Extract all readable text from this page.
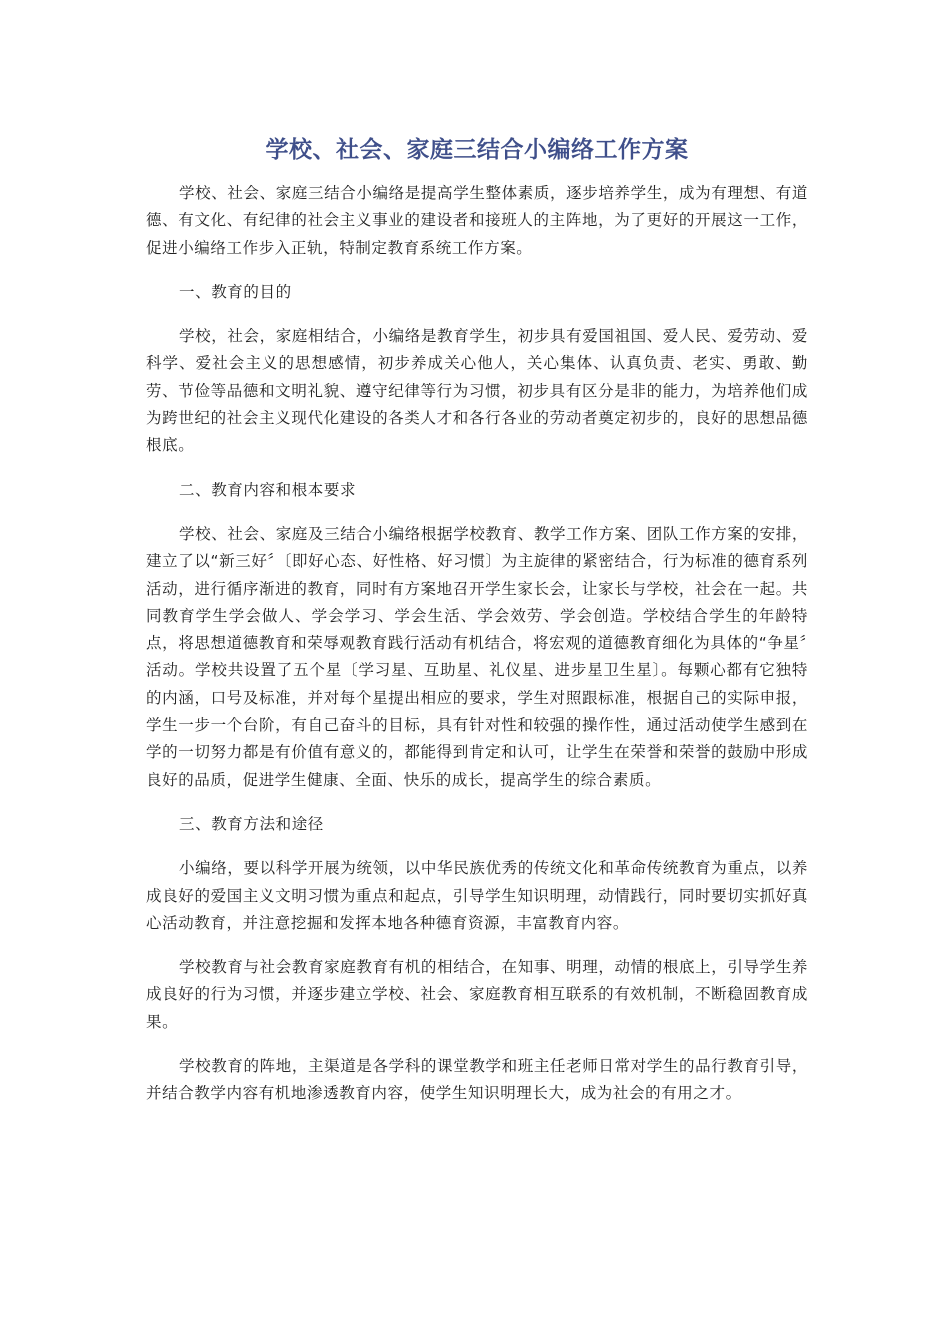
学校、社会、家庭三结合小编络工作方案

学校、社会、家庭三结合小编络是提高学生整体素质，逐步培养学生，成为有理想、有道德、有文化、有纪律的社会主义事业的建设者和接班人的主阵地，为了更好的开展这一工作，促进小编络工作步入正轨，特制定教育系统工作方案。

一、教育的目的

学校，社会，家庭相结合，小编络是教育学生，初步具有爱国祖国、爱人民、爱劳动、爱科学、爱社会主义的思想感情，初步养成关心他人，关心集体、认真负责、老实、勇敢、勤劳、节俭等品德和文明礼貌、遵守纪律等行为习惯，初步具有区分是非的能力，为培养他们成为跨世纪的社会主义现代化建设的各类人才和各行各业的劳动者奠定初步的，良好的思想品德根底。

二、教育内容和根本要求

学校、社会、家庭及三结合小编络根据学校教育、教学工作方案、团队工作方案的安排，建立了以“新三好〞〔即好心态、好性格、好习惯〕为主旋律的紧密结合，行为标准的德育系列活动，进行循序渐进的教育，同时有方案地召开学生家长会，让家长与学校，社会在一起。共同教育学生学会做人、学会学习、学会生活、学会效劳、学会创造。学校结合学生的年龄特点，将思想道德教育和荣辱观教育践行活动有机结合，将宏观的道德教育细化为具体的“争星〞活动。学校共设置了五个星〔学习星、互助星、礼仪星、进步星卫生星〕。每颗心都有它独特的内涵，口号及标准，并对每个星提出相应的要求，学生对照跟标准，根据自己的实际申报，学生一步一个台阶，有自己奋斗的目标，具有针对性和较强的操作性，通过活动使学生感到在学的一切努力都是有价值有意义的，都能得到肯定和认可，让学生在荣誉和荣誉的鼓励中形成良好的品质，促进学生健康、全面、快乐的成长，提高学生的综合素质。

三、教育方法和途径

小编络，要以科学开展为统领，以中华民族优秀的传统文化和革命传统教育为重点，以养成良好的爱国主义文明习惯为重点和起点，引导学生知识明理，动情践行，同时要切实抓好真心活动教育，并注意挖掘和发挥本地各种德育资源，丰富教育内容。

学校教育与社会教育家庭教育有机的相结合，在知事、明理，动情的根底上，引导学生养成良好的行为习惯，并逐步建立学校、社会、家庭教育相互联系的有效机制，不断稳固教育成果。

学校教育的阵地，主渠道是各学科的课堂教学和班主任老师日常对学生的品行教育引导，并结合教学内容有机地渗透教育内容，使学生知识明理长大，成为社会的有用之才。
